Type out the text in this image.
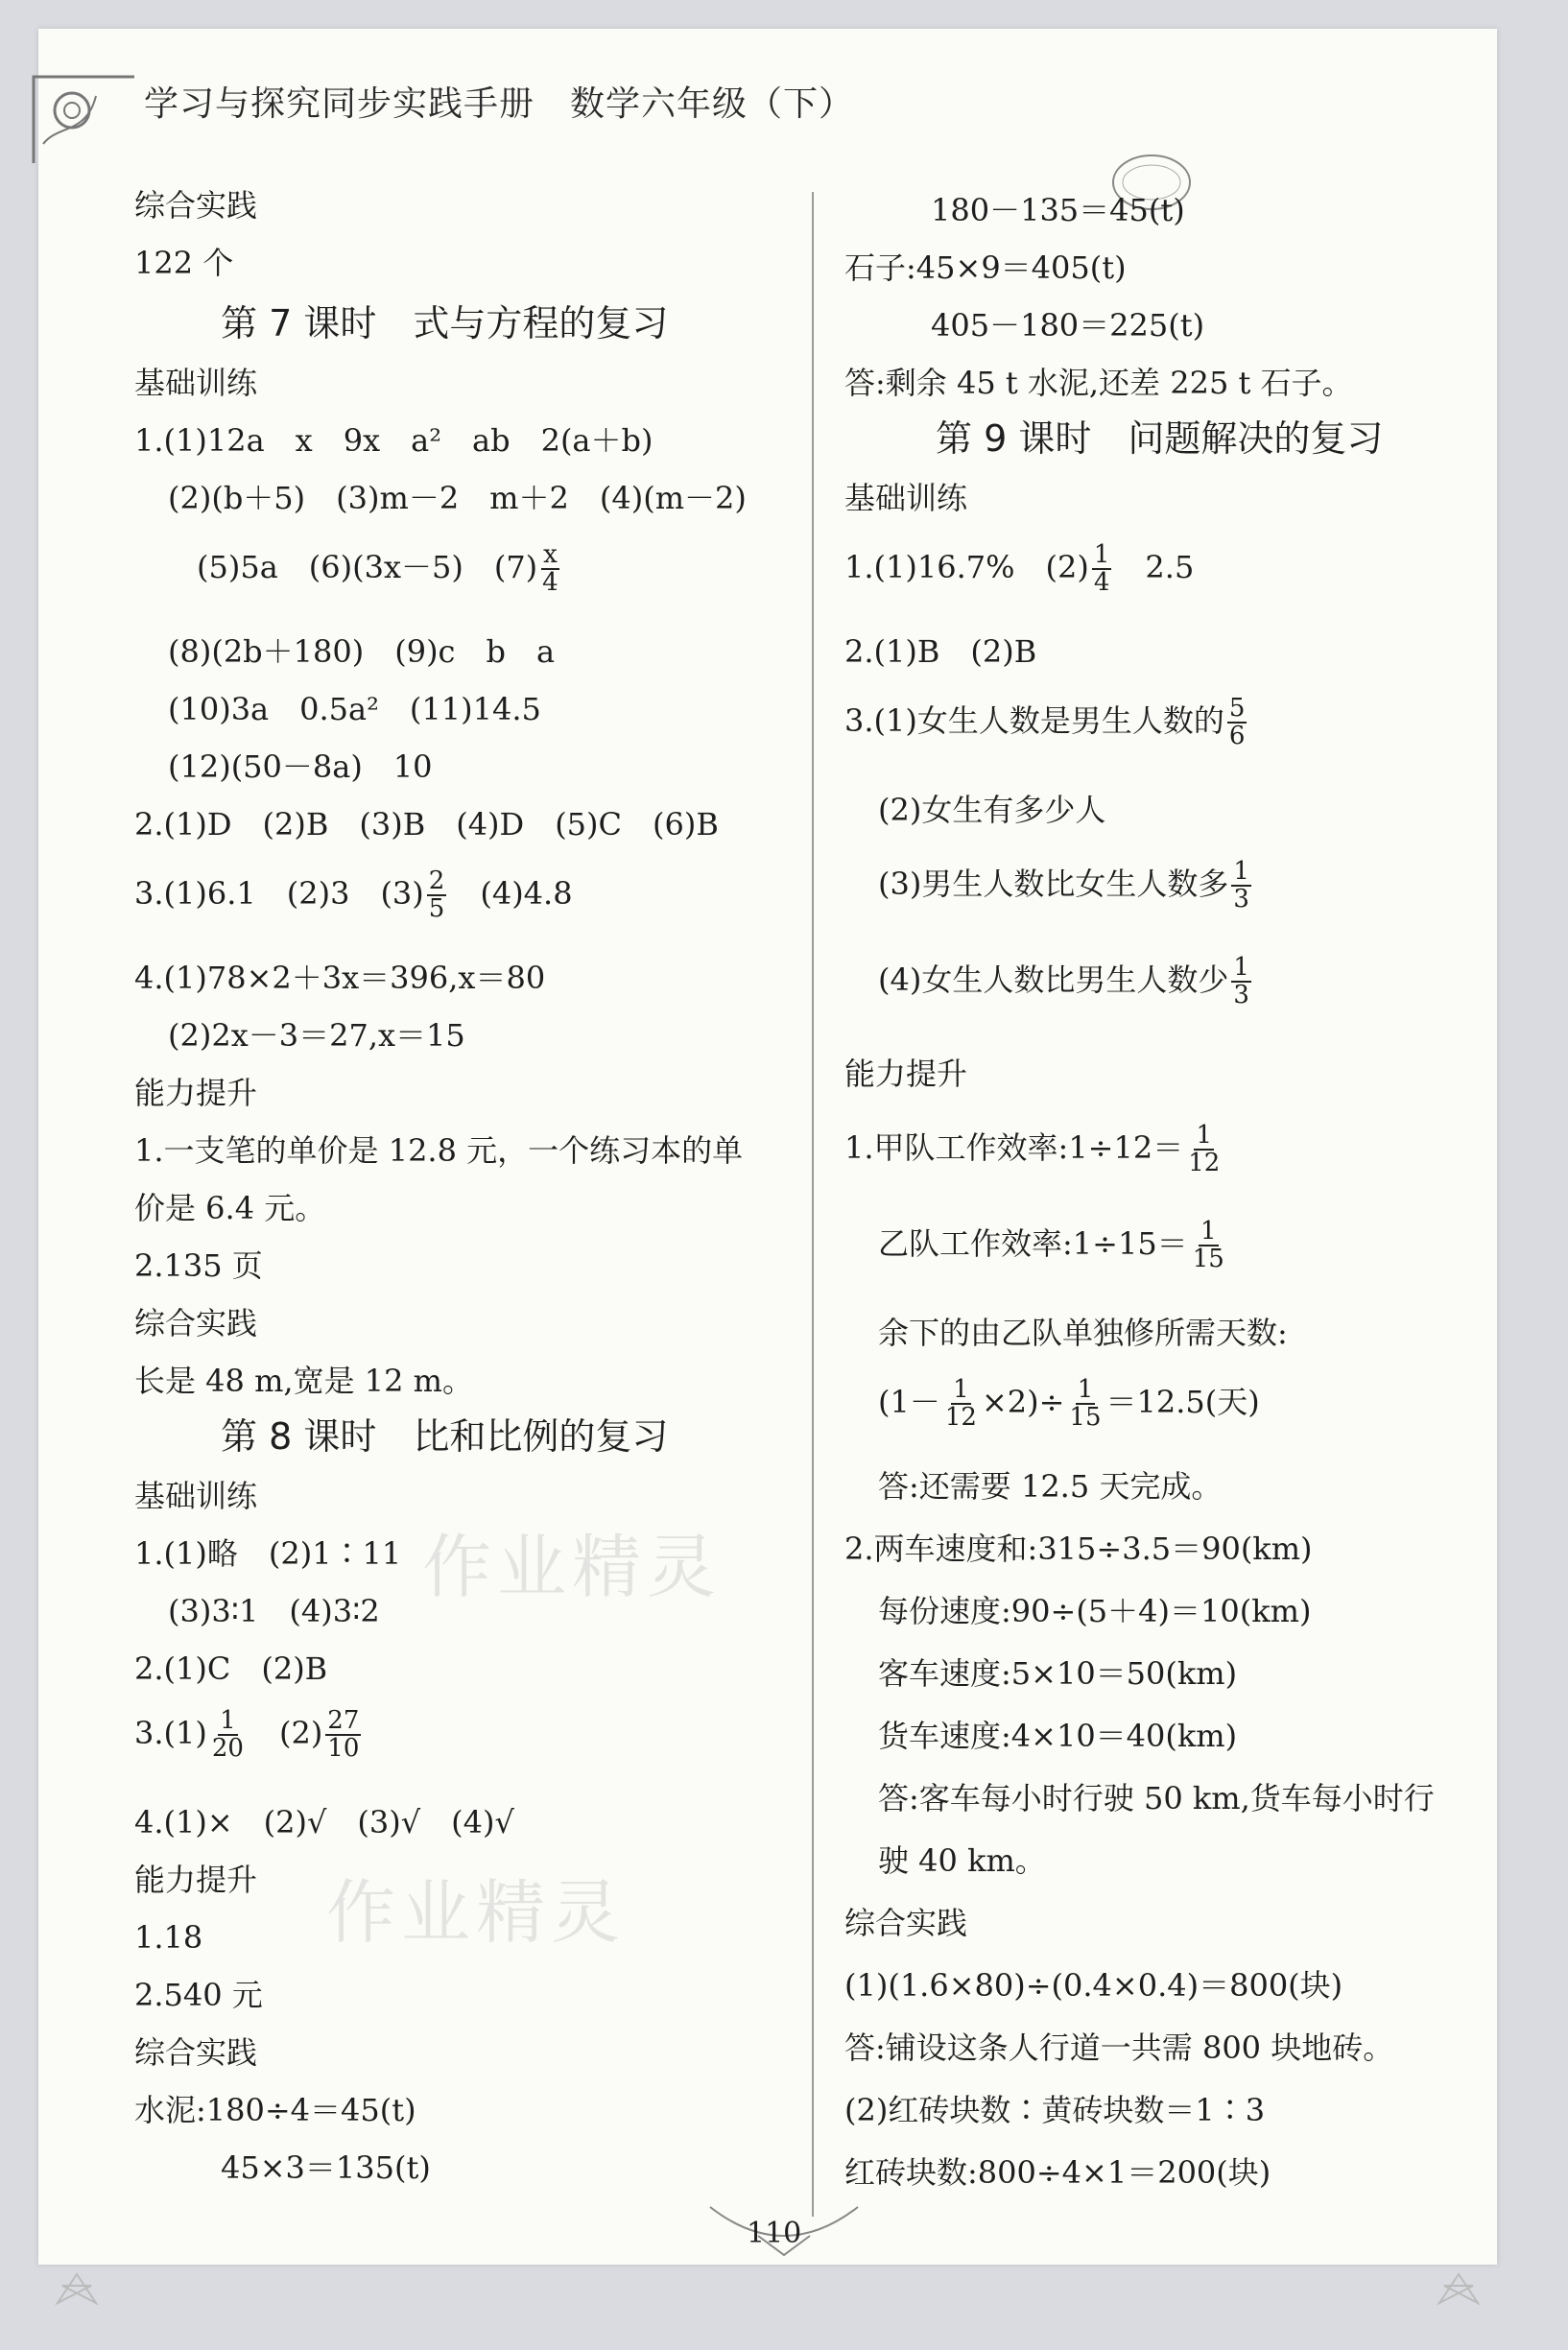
学习与探究同步实践手册　数学六年级（下）
作业精灵
作业精灵
综合实践
122 个
第 7 课时　式与方程的复习
基础训练
1.(1)12a　x　9x　a²　ab　2(a＋b)
(2)(b＋5)　(3)m－2　m＋2　(4)(m－2)
(5)5a　(6)(3x－5)　$(7) \frac{x}{4}$
(8)(2b＋180)　(9)c　b　a
(10)3a　0.5a²　(11)14.5
(12)(50－8a)　10
2.(1)D　(2)B　(3)B　(4)D　(5)C　(6)B
3.(1)6.1　(2)3　$(3) \frac{2}{5}$
　 (4)4.8
4.(1)78×2＋3x＝396,x＝80
(2)2x－3＝27,x＝15
能力提升
1.一支笔的单价是 12.8 元，一个练习本的单
价是 6.4 元。
2.135 页
综合实践
长是 48 m,宽是 12 m。
第 8 课时　比和比例的复习
基础训练
1.(1)略　(2)1∶11
(3)3∶1　(4)3∶2
2.(1)C　(2)B
$3.(1) \frac{1}{20}$
　 $(2) \frac{27}{10}$
4.(1)×　(2)√　(3)√　(4)√
能力提升
1.18
2.540 元
综合实践
水泥:180÷4＝45(t)
45×3＝135(t)
180－135＝45(t)
石子:45×9＝405(t)
405－180＝225(t)
答:剩余 45 t 水泥,还差 225 t 石子。
第 9 课时　问题解决的复习
基础训练
1.(1)16.7%　$(2) \frac{1}{4}$
　 2.5
2.(1)B　(2)B
3.(1)女生人数是男生人数的 $\frac{5}{6}$
(2)女生有多少人
(3)男生人数比女生人数多 $\frac{1}{3}$
(4)女生人数比男生人数少 $\frac{1}{3}$
能力提升
1.甲队工作效率:1÷12＝ $\frac{1}{12}$
乙队工作效率:1÷15＝ $\frac{1}{15}$
余下的由乙队单独修所需天数:
$(1- \frac{1}{12} \times 2)\div \frac{1}{15} =12.5$(天)
答:还需要 12.5 天完成。
2.两车速度和:315÷3.5＝90(km)
每份速度:90÷(5＋4)＝10(km)
客车速度:5×10＝50(km)
货车速度:4×10＝40(km)
答:客车每小时行驶 50 km,货车每小时行
驶 40 km。
综合实践
(1)(1.6×80)÷(0.4×0.4)＝800(块)
答:铺设这条人行道一共需 800 块地砖。
(2)红砖块数∶黄砖块数＝1∶3
红砖块数:800÷4×1＝200(块)
110
